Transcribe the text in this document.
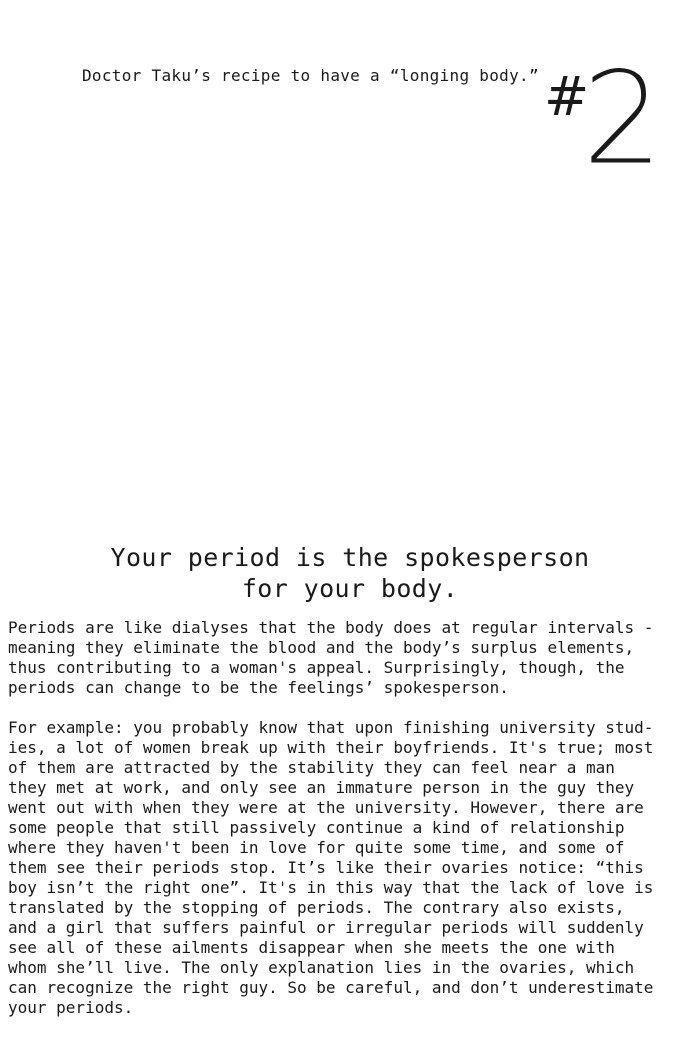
Doctor Taku’s recipe to have a “longing body.” #
2
Your period is the spokesperson
for your body.

Periods are like dialyses that the body does at regular intervals -
meaning they eliminate the blood and the body’s surplus elements,
thus contributing to a woman's appeal. Surprisingly, though, the
periods can change to be the feelings’ spokesperson.

For example: you probably know that upon finishing university stud-
ies, a lot of women break up with their boyfriends. It's true; most
of them are attracted by the stability they can feel near a man
they met at work, and only see an immature person in the guy they
went out with when they were at the university. However, there are
some people that still passively continue a kind of relationship
where they haven't been in love for quite some time, and some of
them see their periods stop. It’s like their ovaries notice: “this
boy isn’t the right one”. It's in this way that the lack of love is
translated by the stopping of periods. The contrary also exists,
and a girl that suffers painful or irregular periods will suddenly
see all of these ailments disappear when she meets the one with
whom she’ll live. The only explanation lies in the ovaries, which
can recognize the right guy. So be careful, and don’t underestimate
your periods.
